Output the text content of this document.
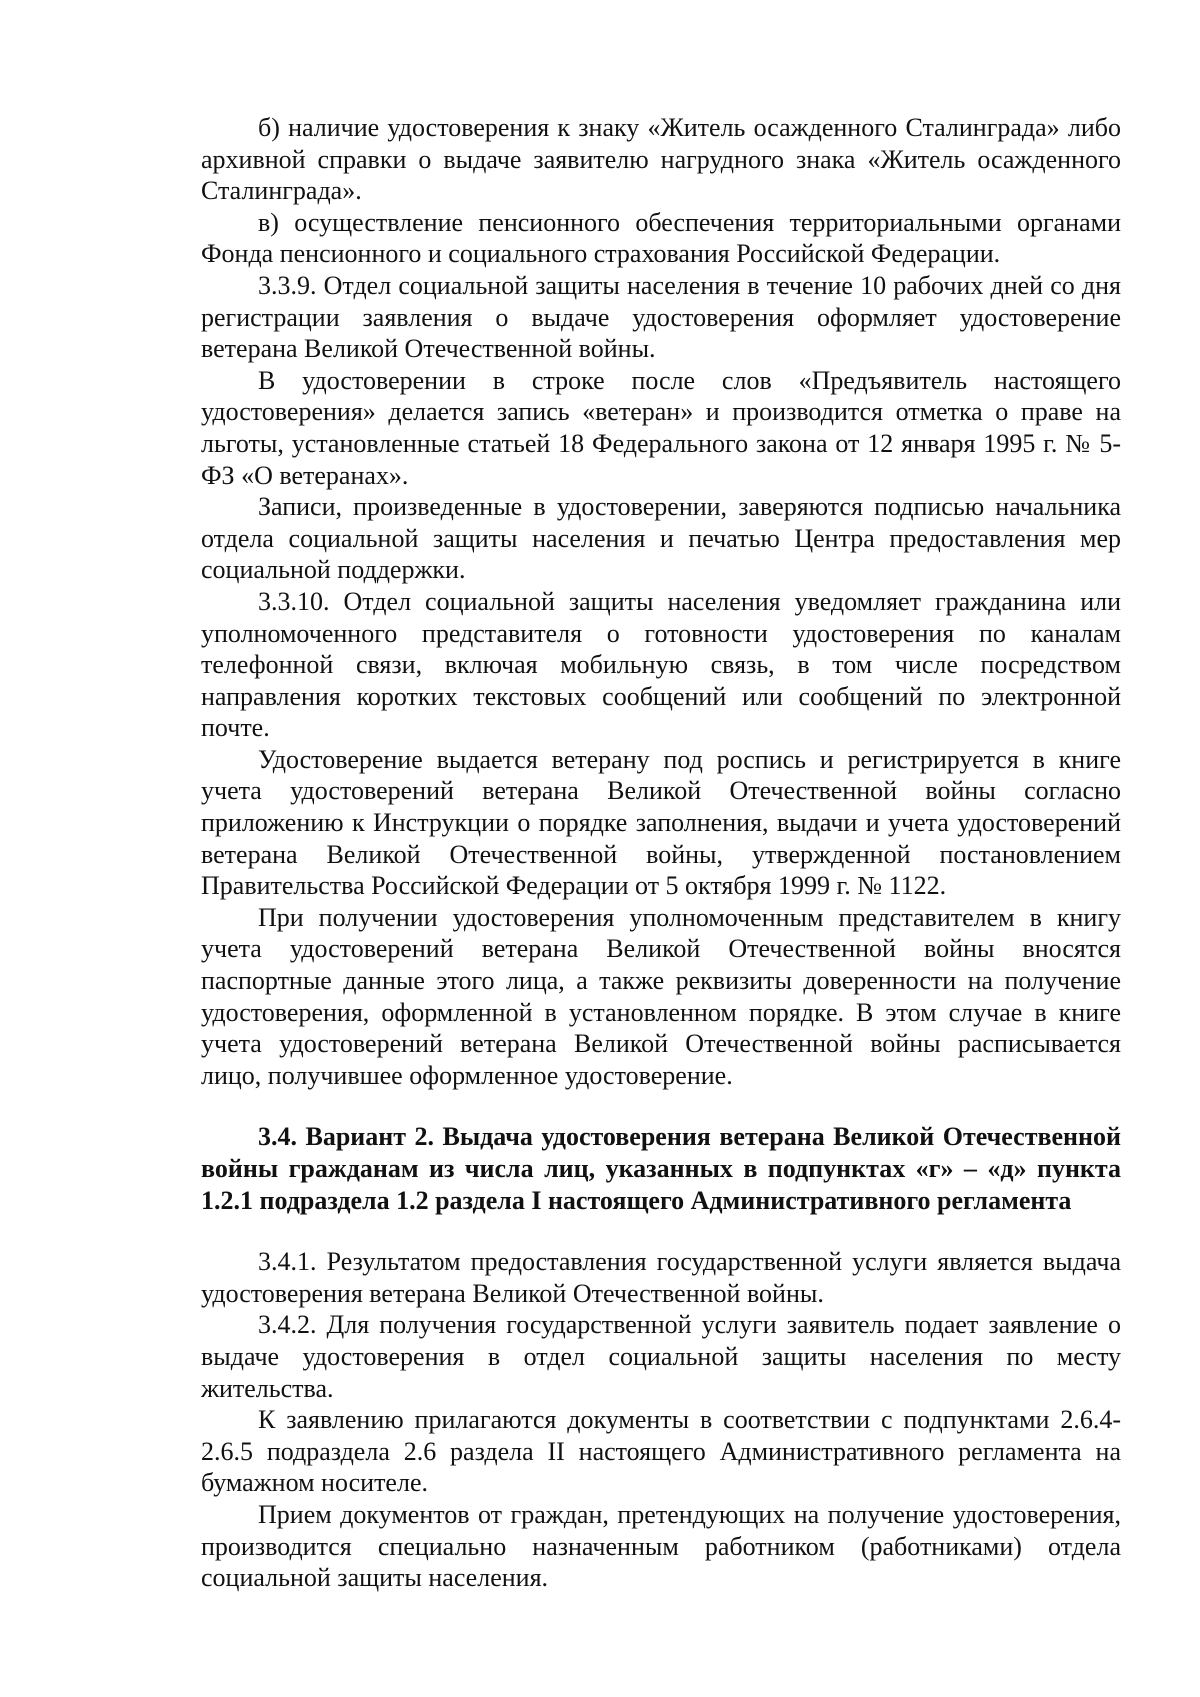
б) наличие удостоверения к знаку «Житель осажденного Сталинграда» либо архивной справки о выдаче заявителю нагрудного знака «Житель осажденного Сталинграда».

в) осуществление пенсионного обеспечения территориальными органами Фонда пенсионного и социального страхования Российской Федерации.

3.3.9. Отдел социальной защиты населения в течение 10 рабочих дней со дня регистрации заявления о выдаче удостоверения оформляет удостоверение ветерана Великой Отечественной войны.

В удостоверении в строке после слов «Предъявитель настоящего удостоверения» делается запись «ветеран» и производится отметка о праве на льготы, установленные статьей 18 Федерального закона от 12 января 1995 г. № 5-ФЗ «О ветеранах».

Записи, произведенные в удостоверении, заверяются подписью начальника отдела социальной защиты населения и печатью Центра предоставления мер социальной поддержки.

3.3.10. Отдел социальной защиты населения уведомляет гражданина или уполномоченного представителя о готовности удостоверения по каналам телефонной связи, включая мобильную связь, в том числе посредством направления коротких текстовых сообщений или сообщений по электронной почте.

Удостоверение выдается ветерану под роспись и регистрируется в книге учета удостоверений ветерана Великой Отечественной войны согласно приложению к Инструкции о порядке заполнения, выдачи и учета удостоверений ветерана Великой Отечественной войны, утвержденной постановлением Правительства Российской Федерации от 5 октября 1999 г. № 1122.

При получении удостоверения уполномоченным представителем в книгу учета удостоверений ветерана Великой Отечественной войны вносятся паспортные данные этого лица, а также реквизиты доверенности на получение удостоверения, оформленной в установленном порядке. В этом случае в книге учета удостоверений ветерана Великой Отечественной войны расписывается лицо, получившее оформленное удостоверение.

3.4. Вариант 2. Выдача удостоверения ветерана Великой Отечественной войны гражданам из числа лиц, указанных в подпунктах «г» – «д» пункта 1.2.1 подраздела 1.2 раздела I настоящего Административного регламента

3.4.1. Результатом предоставления государственной услуги является выдача удостоверения ветерана Великой Отечественной войны.

3.4.2. Для получения государственной услуги заявитель подает заявление о выдаче удостоверения в отдел социальной защиты населения по месту жительства.

К заявлению прилагаются документы в соответствии с подпунктами 2.6.4-2.6.5 подраздела 2.6 раздела II настоящего Административного регламента на бумажном носителе.

Прием документов от граждан, претендующих на получение удостоверения, производится специально назначенным работником (работниками) отдела социальной защиты населения.
